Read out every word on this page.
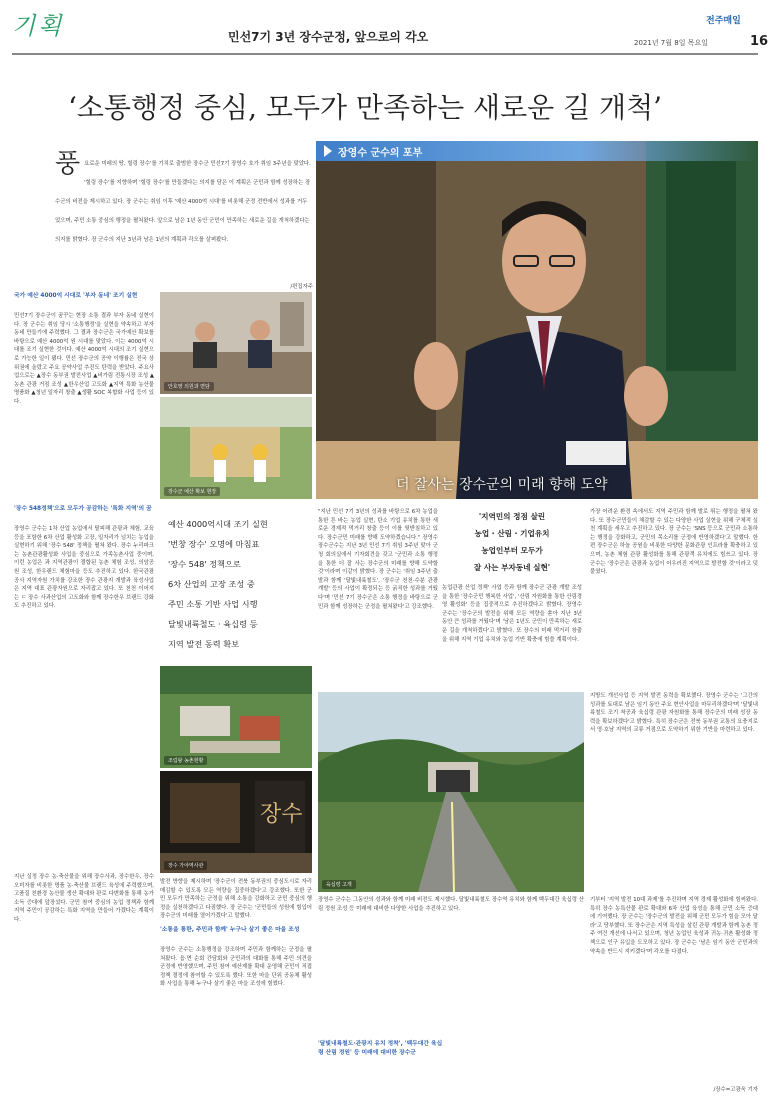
기획	민선7기 3년 장수군정, 앞으로의 각오
전주매일
2021년 7월 8일 목요일	16
‘소통행정 중심, 모두가 만족하는 새로운 길 개척’
풍 요로운 미래의 땅, 힐링 장수'를 기치로 출범한 장수군 민선7기 장영수 호가 취임 3주년을 맞았다. '힐링 장수'를 지향하며 '힐링 장수'를 만들겠다는 의지를 담은 이 계획은 군민과 함께 성장하는 장수군의 비전을 제시하고 있다. 장 군수는 취임 이후 '예산 4000억 시대'를 비롯해 군정 전반에서 성과를 거두었으며, 주민 소통 중심의 행정을 펼쳐왔다. 앞으로 남은 1년 동안 군민이 만족하는 새로운 길을 개척하겠다는 의지를 밝혔다. 장 군수의 지난 3년과 남은 1년의 계획과 각오를 살펴봤다.
/편집자주
장영수 군수의 포부
더 잘사는 장수군의 미래 향해 도약
국가 예산 4000억 시대로 '부자 동네' 조기 실현
민선7기 장수군이 꿈꾸는 현장 소통 결과 부자 동네 실현이다. 장 군수는 취임 당시 '소통행정'을 실현을 약속하고 부자 동네 만들기에 주력했다. 그 결과 장수군은 국가예산 확보를 바탕으로 예산 4000억 원 시대를 맞았다. 이는 4000억 시대를 조기 실현한 것이다. 예산 4000억 시대의 조기 실현으로 가능한 일이 됐다. 민선 장수군의 공약 이행률은 전국 상위권에 올랐고 주요 공약사업 추진도 탄력을 받았다. 주요사업으로는 ▲장수 동부권 발전사업 ▲비가림 전통시장 조성 ▲농촌 관광 거점 조성 ▲한우산업 고도화 ▲지역 특화 농산물 명품화 ▲청년 일자리 창출 ▲생활 SOC 복합화 사업 등이 있다.
'장수 548정책'으로 모두가 공감하는 '특화 지역'의 꿈
장영수 군수는 1차 산업 농업에서 탈피해 관광과 체험, 교육 등을 포함한 6차 산업 활성화 고장, 일자리가 넘치는 농업을 실현하기 위해 '장수 548' 정책을 펼쳐 왔다. 장수 누리파크는 농촌관광활성화 사업을 중심으로 가족농촌사업 중이며, 이런 농업은 과 지역관광이 결합된 농촌 체험 조성, 의암공원 조성, 한우랜드 체험마을 등도 추진하고 있다. 한국관광공사 지역자원 가치를 강조한 장수 관광지 개발과 육성사업은 지역 대표 관광자원으로 자리잡고 있다. 또 천천 이어지는 ㄷ 장수 사과산업의 고도화와 함께 장수한우 브랜드 강화도 추진하고 있다.
지난 실정 장수 농·축산물을 위해 장수사과, 장수한우, 장수오미자를 비롯한 명품 농·축산물 브랜드 육성에 주력했으며, 고품질 친환경 농산물 생산 확대와 판로 다변화를 통해 농가 소득 증대에 앞장섰다. 군민 참여 중심의 농업 정책과 함께 지역 주민이 공감하는 특화 지역을 만들어 가겠다는 계획이다.
안호영 의원과 면담
장수군 예산 확보 현장
예산 4000억시대 조기 실현
'번창 장수' 오명에 마침표
'장수 548' 정책으로
6차 산업의 고장 조성 중
주민 소통 기반 사업 시행
달빛내륙철도 · 육십령 등
지역 발전 동력 확보
조림왕 농촌현황
장수
장수 가야역사관
"지난 민선 7기 3년의 성과를 바탕으로 6차 농업을 통한 튼 바는 농업 실현, 탄소 기업 유치를 통한 새로운 경제적 먹거리 창출 등이 이를 뒷받침하고 있다. 장수군민 미래를 향해 도약하겠습니다." 장영수 장수군수는 지난 3년 민선 7기 취임 3주년 맞아 군청 회의실에서 기자회견을 갖고 '군민과 소통 행정을 통한 더 잘 사는 장수군의 미래를 향해 도약할 것'이라며 이같이 밝혔다. 장 군수는 '취임 3주년 출발과 함께 '달빛내륙철도', '장수군 천천·수분 관광개발' 등의 사업이 확정되는 등 굵직한 성과를 거뒀다'며 '민선 7기 장수군은 소통 행정을 바탕으로 군민과 함께 성장하는 군정을 펼쳐왔다'고 강조했다.
'지역민의 정점 살린
농업 · 산림 · 기업유치
농업인부터 모두가
잘 사는 부자동네 실현'
농업관광 산업 정책' 사업 등과 함께 장수군 관광 개발 조성을 통한 '장수군민 행복한 사업', '산림 자원화를 통한 산림경영 활성화' 등을 집중적으로 추진하겠다고 밝혔다. 장영수 군수는 '장수군의 발전을 위해 모든 역량을 쏟아 지난 3년 동안 큰 성과를 거뒀다'며 '남은 1년도 군민이 만족하는 새로운 길을 개척하겠다'고 밝혔다. 또 장수의 미래 먹거리 창출을 위해 지역 기업 유치와 농업 기반 확충에 힘쓸 계획이다.
가장 어려운 환경 속에서도 지역 주민과 함께 발로 뛰는 행정을 펼쳐 왔다. 또 장수군민들이 체감할 수 있는 다양한 사업 실현을 위해 구체적 실천 계획을 세우고 추진하고 있다. 장 군수는 'SNS 등으로 군민과 소통하는 행정을 강화하고, 군민의 목소리를 군정에 반영하겠다'고 말했다. 한편 장수군은 하늘 공원을 비롯한 다양한 문화관광 인프라를 확충하고 있으며, 농촌 체험 관광 활성화를 통해 관광객 유치에도 힘쓰고 있다. 장 군수는 '장수군은 관광과 농업이 어우러진 지역으로 발전할 것'이라고 덧붙였다.
육십령 고개
지방도 개선사업 등 지역 발전 동력을 확보했다. 장영수 군수는 '그간의 성과를 토대로 남은 임기 동안 주요 현안사업을 마무리하겠다'며 '달빛내륙철도 조기 착공과 육십령 관광 자원화를 통해 장수군의 미래 성장 동력을 확보하겠다'고 밝혔다. 특히 장수군은 전북 동부권 교통의 요충지로서 영·호남 지역의 교류 거점으로 도약하기 위한 기반을 마련하고 있다.
발전 방향을 제시하며 '장수군이 전북 동부권의 중심도시로 자리매김할 수 있도록 모든 역량을 집중하겠다'고 강조했다. 또한 군민 모두가 만족하는 군정을 위해 소통을 강화하고 군민 중심의 행정을 실천하겠다고 다짐했다. 장 군수는 '군민들의 성원에 힘입어 장수군의 미래를 열어가겠다'고 말했다.
'소통을 통한, 주민과 함께' 누구나 살기 좋은 마을 조성
장영수 군수는 소통행정을 강조하며 주민과 함께하는 군정을 펼쳐왔다. 읍·면 순회 간담회와 군민과의 대화를 통해 주민 의견을 군정에 반영했으며, 주민 참여 예산제를 확대 운영해 군민이 직접 정책 결정에 참여할 수 있도록 했다. 또한 마을 단위 공동체 활성화 사업을 통해 누구나 살기 좋은 마을 조성에 힘썼다.
장영수 군수는 그동안의 성과와 함께 미래 비전도 제시했다. 달빛내륙철도 장수역 유치와 함께 백두대간 육십령 산림 정원 조성 등 미래에 대비한 다양한 사업을 추진하고 있다.
'달빛내륙철도·관광지 유치 정착', '백두대간 육십령 산림 정원' 등 미래에 대비한 장수군
기부터 '지역 발전 10대 과제'를 추진하며 지역 경제 활성화에 힘써왔다. 특히 장수 농특산물 판로 확대와 6차 산업 육성을 통해 군민 소득 증대에 기여했다. 장 군수는 '장수군의 발전을 위해 군민 모두가 힘을 모아 달라'고 당부했다. 또 장수군은 지역 특성을 살린 관광 개발과 함께 농촌 정주 여건 개선에 나서고 있으며, 청년 농업인 육성과 귀농·귀촌 활성화 정책으로 인구 유입을 도모하고 있다. 장 군수는 '남은 임기 동안 군민과의 약속을 반드시 지키겠다'며 각오를 다졌다.
/장수=고광욱 기자
